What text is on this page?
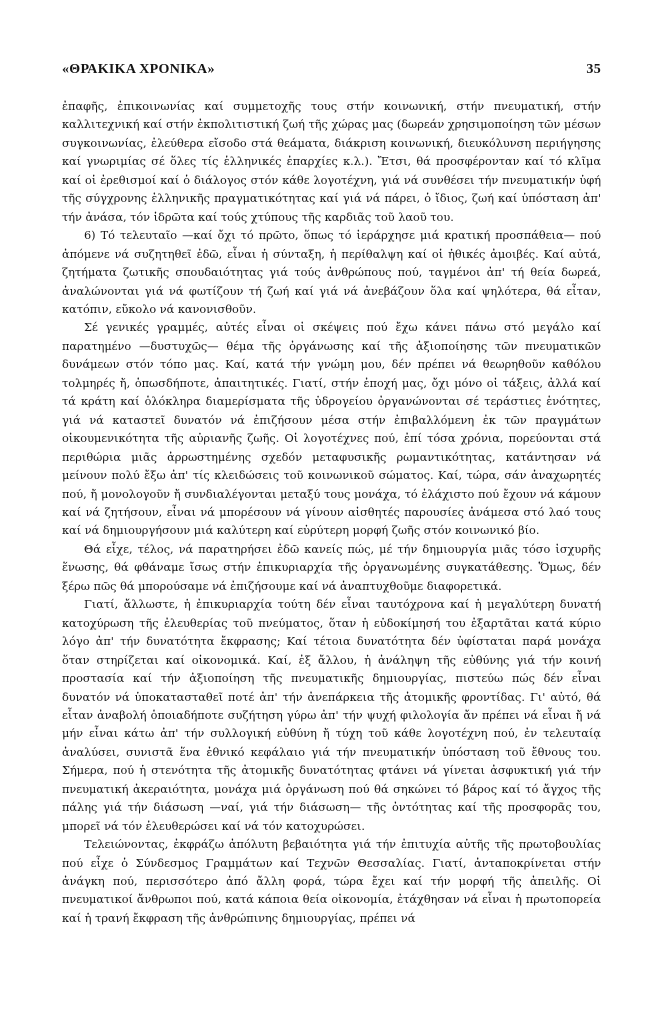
«ΘΡΑΚΙΚΑ ΧΡΟΝΙΚΑ»	35

ἐπαφῆς, ἐπικοινωνίας καί συμμετοχῆς τους στήν κοινωνική, στήν πνευματική, στήν καλλιτεχνική καί στήν ἐκπολιτιστική ζωή τῆς χώρας μας (δωρεάν χρησιμοποίηση τῶν μέσων συγκοινωνίας, ἐλεύθερα εἴσοδο στά θεάματα, διάκριση κοινωνική, διευκόλυνση περιήγησης καί γνωριμίας σέ ὅλες τίς ἑλληνικές ἐπαρχίες κ.λ.). Ἔτσι, θά προσφέρονταν καί τό κλῖμα καί οἱ ἐρεθισμοί καί ὁ διάλογος στόν κάθε λογοτέχνη, γιά νά συνθέσει τήν πνευματικήν ὑφή τῆς σύγχρονης ἑλληνικῆς πραγματικότητας καί γιά νά πάρει, ὁ ἴδιος, ζωή καί ὑπόσταση ἀπ' τήν ἀνάσα, τόν ἱδρῶτα καί τούς χτύπους τῆς καρδιᾶς τοῦ λαοῦ του.

6) Τό τελευταῖο —καί ὄχι τό πρῶτο, ὅπως τό ἱεράρχησε μιά κρατική προσπάθεια— πού ἀπόμενε νά συζητηθεῖ ἐδῶ, εἶναι ἡ σύνταξη, ἡ περίθαλψη καί οἱ ἠθικές ἀμοιβές. Καί αὐτά, ζητήματα ζωτικῆς σπουδαιότητας γιά τούς ἀνθρώπους πού, ταγμένοι ἀπ' τή θεία δωρεά, ἀναλώνονται γιά νά φωτίζουν τή ζωή καί γιά νά ἀνεβάζουν ὅλα καί ψηλότερα, θά εἶταν, κατόπιν, εὔκολο νά κανονισθοῦν.

Σέ γενικές γραμμές, αὐτές εἶναι οἱ σκέψεις πού ἔχω κάνει πάνω στό μεγάλο καί παρατημένο —δυστυχῶς— θέμα τῆς ὀργάνωσης καί τῆς ἀξιοποίησης τῶν πνευματικῶν δυνάμεων στόν τόπο μας. Καί, κατά τήν γνώμη μου, δέν πρέπει νά θεωρηθοῦν καθόλου τολμηρές ἤ, ὁπωσδήποτε, ἀπαιτητικές. Γιατί, στήν ἐποχή μας, ὄχι μόνο οἱ τάξεις, ἀλλά καί τά κράτη καί ὁλόκληρα διαμερίσματα τῆς ὑδρογείου ὀργανώνονται σέ τεράστιες ἑνότητες, γιά νά καταστεῖ δυνατόν νά ἐπιζήσουν μέσα στήν ἐπιβαλλόμενη ἐκ τῶν πραγμάτων οἰκουμενικότητα τῆς αὐριανῆς ζωῆς. Οἱ λογοτέχνες πού, ἐπί τόσα χρόνια, πορεύονται στά περιθώρια μιᾶς ἀρρωστημένης σχεδόν μεταφυσικῆς ρωμαντικότητας, κατάντησαν νά μείνουν πολύ ἔξω ἀπ' τίς κλειδώσεις τοῦ κοινωνικοῦ σώματος. Καί, τώρα, σάν ἀναχωρητές πού, ἤ μονολογοῦν ἤ συνδιαλέγονται μεταξύ τους μονάχα, τό ἐλάχιστο πού ἔχουν νά κάμουν καί νά ζητήσουν, εἶναι νά μπορέσουν νά γίνουν αἰσθητές παρουσίες ἀνάμεσα στό λαό τους καί νά δημιουργήσουν μιά καλύτερη καί εὐρύτερη μορφή ζωῆς στόν κοινωνικό βίο.

Θά εἶχε, τέλος, νά παρατηρήσει ἐδῶ κανείς πώς, μέ τήν δημιουργία μιᾶς τόσο ἰσχυρῆς ἕνωσης, θά φθάναμε ἴσως στήν ἐπικυριαρχία τῆς ὀργανωμένης συγκατάθεσης. Ὅμως, δέν ξέρω πῶς θά μπορούσαμε νά ἐπιζήσουμε καί νά ἀναπτυχθοῦμε διαφορετικά.

Γιατί, ἄλλωστε, ἡ ἐπικυριαρχία τούτη δέν εἶναι ταυτόχρονα καί ἡ μεγαλύτερη δυνατή κατοχύρωση τῆς ἐλευθερίας τοῦ πνεύματος, ὅταν ἡ εὐδοκίμησή του ἐξαρτᾶται κατά κύριο λόγο ἀπ' τήν δυνατότητα ἔκφρασης; Καί τέτοια δυνατότητα δέν ὑφίσταται παρά μονάχα ὅταν στηρίζεται καί οἰκονομικά. Καί, ἐξ ἄλλου, ἡ ἀνάληψη τῆς εὐθύνης γιά τήν κοινή προστασία καί τήν ἀξιοποίηση τῆς πνευματικῆς δημιουργίας, πιστεύω πώς δέν εἶναι δυνατόν νά ὑποκατασταθεῖ ποτέ ἀπ' τήν ἀνεπάρκεια τῆς ἀτομικῆς φροντίδας. Γι' αὐτό, θά εἶταν ἀναβολή ὁποιαδήποτε συζήτηση γύρω ἀπ' τήν ψυχή φιλολογία ἄν πρέπει νά εἶναι ἤ νά μήν εἶναι κάτω ἀπ' τήν συλλογική εὐθύνη ἤ τύχη τοῦ κάθε λογοτέχνη πού, ἐν τελευταίᾳ ἀναλύσει, συνιστᾶ ἕνα ἐθνικό κεφάλαιο γιά τήν πνευματικήν ὑπόσταση τοῦ ἔθνους του. Σήμερα, πού ἡ στενότητα τῆς ἀτομικῆς δυνατότητας φτάνει νά γίνεται ἀσφυκτική γιά τήν πνευματική ἀκεραιότητα, μονάχα μιά ὀργάνωση πού θά σηκώνει τό βάρος καί τό ἄγχος τῆς πάλης γιά τήν διάσωση —ναί, γιά τήν διάσωση— τῆς ὀντότητας καί τῆς προσφορᾶς του, μπορεῖ νά τόν ἐλευθερώσει καί νά τόν κατοχυρώσει.

Τελειώνοντας, ἐκφράζω ἀπόλυτη βεβαιότητα γιά τήν ἐπιτυχία αὐτῆς τῆς πρωτοβουλίας πού εἶχε ὁ Σύνδεσμος Γραμμάτων καί Τεχνῶν Θεσσαλίας. Γιατί, ἀνταποκρίνεται στήν ἀνάγκη πού, περισσότερο ἀπό ἄλλη φορά, τώρα ἔχει καί τήν μορφή τῆς ἀπειλῆς. Οἱ πνευματικοί ἄνθρωποι πού, κατά κάποια θεία οἰκονομία, ἐτάχθησαν νά εἶναι ἡ πρωτοπορεία καί ἡ τρανή ἔκφραση τῆς ἀνθρώπινης δημιουργίας, πρέπει νά
